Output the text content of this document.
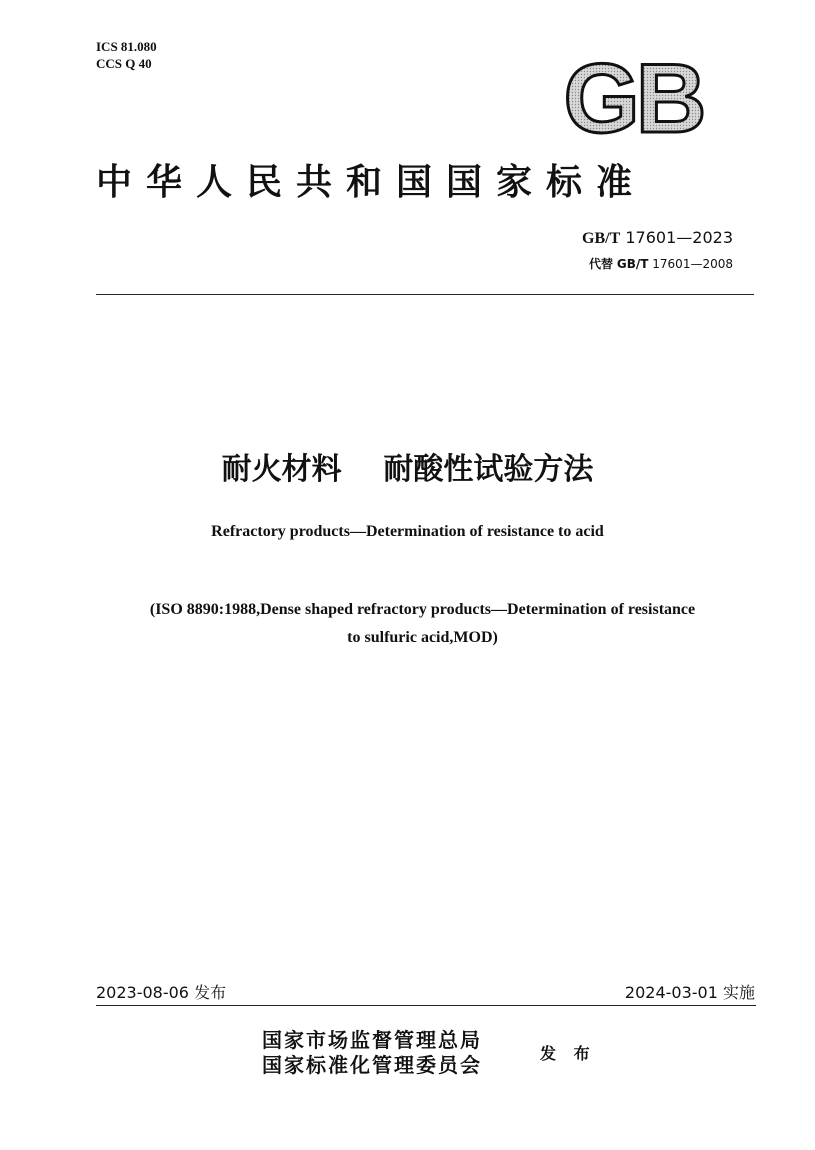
ICS 81.080
CCS Q 40	GB
中华人民共和国国家标准
GB/T 17601—2023
代替 GB/T 17601—2008
耐火材料    耐酸性试验方法
Refractory products—Determination of resistance to acid
(ISO 8890:1988,Dense shaped refractory products—Determination of resistance
to sulfuric acid,MOD)
2023-08-06 发布	2024-03-01 实施
国家市场监督管理总局
国家标准化管理委员会	发 布
